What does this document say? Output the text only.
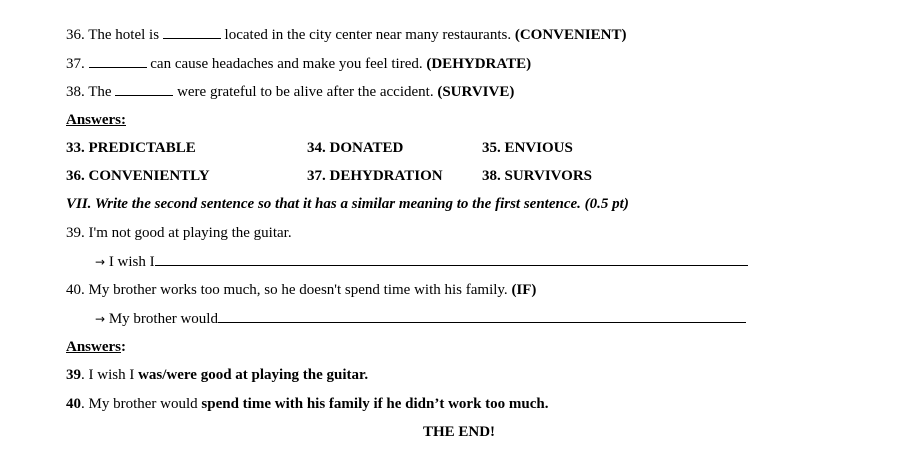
36. The hotel is	located in the city center near many restaurants. (CONVENIENT)
37.	can cause headaches and make you feel tired. (DEHYDRATE)
38. The	were grateful to be alive after the accident. (SURVIVE)
Answers:
33. PREDICTABLE	34. DONATED	35. ENVIOUS
36. CONVENIENTLY	37. DEHYDRATION	38. SURVIVORS
VII. Write the second sentence so that it has a similar meaning to the first sentence. (0.5 pt)
39. I'm not good at playing the guitar.
→ I wish I
40. My brother works too much, so he doesn't spend time with his family. (IF)
→ My brother would
Answers:
39. I wish I was/were good at playing the guitar.
40. My brother would spend time with his family if he didn’t work too much.
THE END!
